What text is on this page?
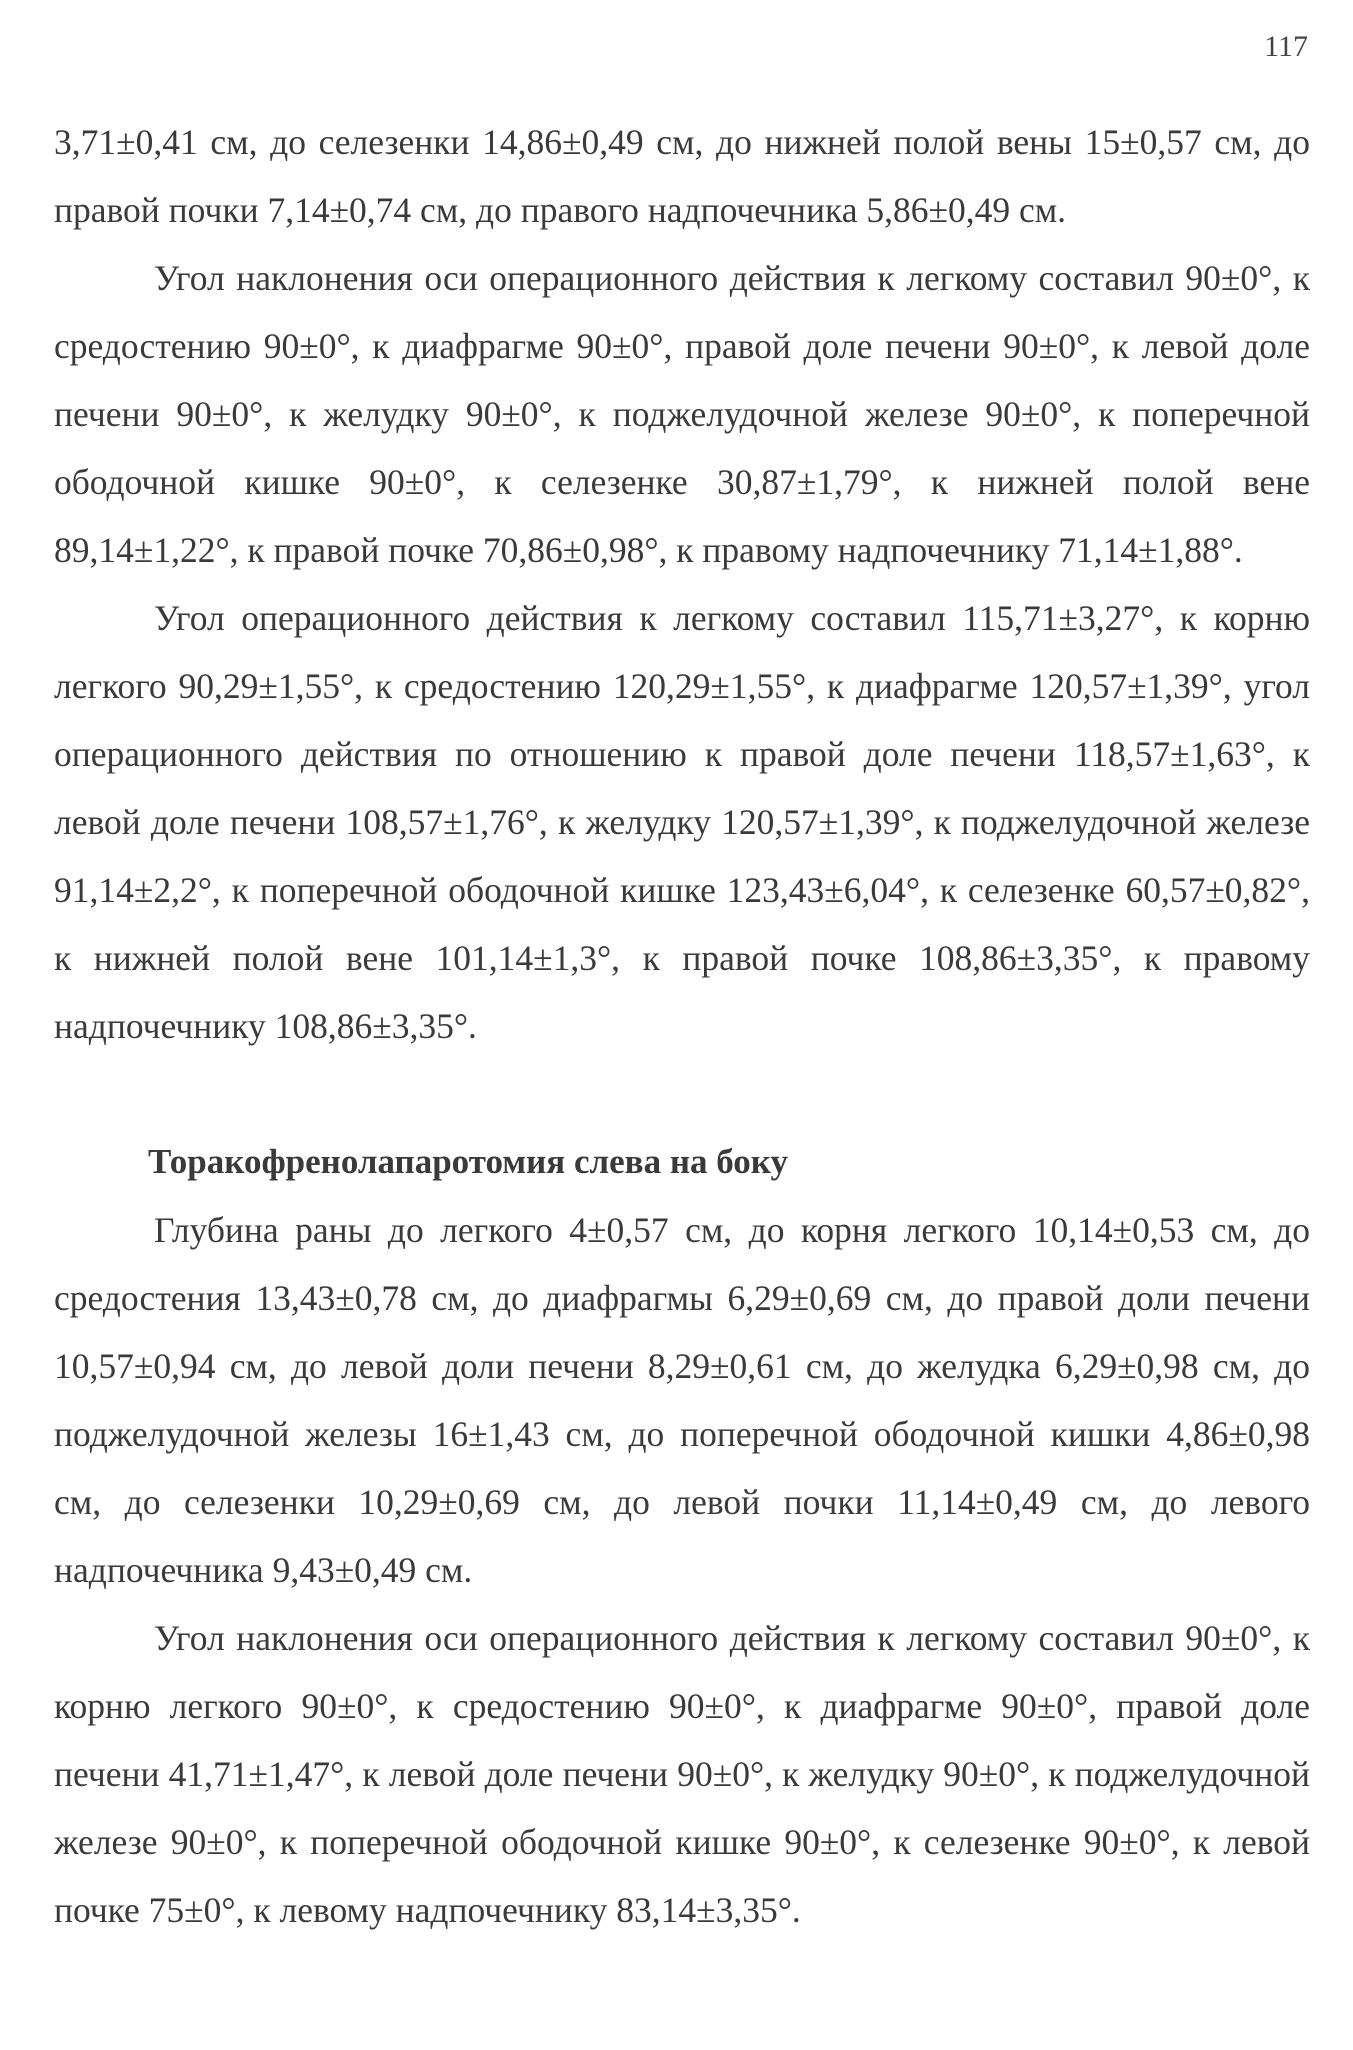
117

3,71±0,41 см, до селезенки 14,86±0,49 см, до нижней полой вены 15±0,57 см, до правой почки 7,14±0,74 см, до правого надпочечника 5,86±0,49 см.

Угол наклонения оси операционного действия к легкому составил 90±0°, к средостению 90±0°, к диафрагме 90±0°, правой доле печени 90±0°, к левой доле печени 90±0°, к желудку 90±0°, к поджелудочной железе 90±0°, к поперечной ободочной кишке 90±0°, к селезенке 30,87±1,79°, к нижней полой вене 89,14±1,22°, к правой почке 70,86±0,98°, к правому надпочечнику 71,14±1,88°.

Угол операционного действия к легкому составил 115,71±3,27°, к корню легкого 90,29±1,55°, к средостению 120,29±1,55°, к диафрагме 120,57±1,39°, угол операционного действия по отношению к правой доле печени 118,57±1,63°, к левой доле печени 108,57±1,76°, к желудку 120,57±1,39°, к поджелудочной железе 91,14±2,2°, к поперечной ободочной кишке 123,43±6,04°, к селезенке 60,57±0,82°, к нижней полой вене 101,14±1,3°, к правой почке 108,86±3,35°, к правому надпочечнику 108,86±3,35°.

Торакофренолапаротомия слева на боку

Глубина раны до легкого 4±0,57 см, до корня легкого 10,14±0,53 см, до средостения 13,43±0,78 см, до диафрагмы 6,29±0,69 см, до правой доли печени 10,57±0,94 см, до левой доли печени 8,29±0,61 см, до желудка 6,29±0,98 см, до поджелудочной железы 16±1,43 см, до поперечной ободочной кишки 4,86±0,98 см, до селезенки 10,29±0,69 см, до левой почки 11,14±0,49 см, до левого надпочечника 9,43±0,49 см.

Угол наклонения оси операционного действия к легкому составил 90±0°, к корню легкого 90±0°, к средостению 90±0°, к диафрагме 90±0°, правой доле печени 41,71±1,47°, к левой доле печени 90±0°, к желудку 90±0°, к поджелудочной железе 90±0°, к поперечной ободочной кишке 90±0°, к селезенке 90±0°, к левой почке 75±0°, к левому надпочечнику 83,14±3,35°.
